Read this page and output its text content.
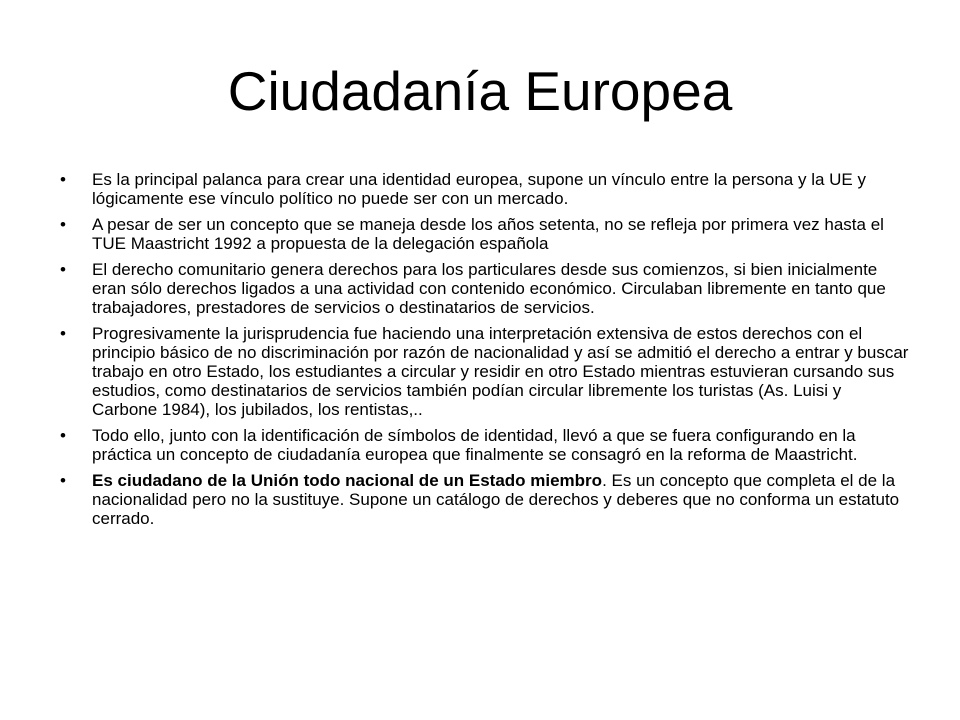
Ciudadanía Europea
•	Es la principal palanca para crear una identidad europea, supone un vínculo entre la persona y la UE y lógicamente ese vínculo político no puede ser con un mercado.
•	A pesar de ser un concepto que se maneja desde los años setenta, no se refleja por primera vez hasta el TUE Maastricht 1992 a propuesta de la delegación española
•	El derecho comunitario genera derechos para los particulares desde sus comienzos, si bien inicialmente eran sólo derechos ligados a una actividad con contenido económico. Circulaban libremente en tanto que trabajadores, prestadores de servicios o destinatarios de servicios.
•	Progresivamente la jurisprudencia fue haciendo una interpretación extensiva de estos derechos con el principio básico de no discriminación por razón de nacionalidad y así se admitió el derecho a entrar y buscar trabajo en otro Estado, los estudiantes a circular y residir en otro Estado mientras estuvieran cursando sus estudios, como destinatarios de servicios también podían circular libremente los turistas (As. Luisi y Carbone 1984), los jubilados, los rentistas,..
•	Todo ello, junto con la identificación de símbolos de identidad, llevó a que se fuera configurando en la práctica un concepto de ciudadanía europea que finalmente se consagró en la reforma de Maastricht.
•	Es ciudadano de la Unión todo nacional de un Estado miembro. Es un concepto que completa el de la nacionalidad pero no la sustituye. Supone un catálogo de derechos y deberes que no conforma un estatuto cerrado.
